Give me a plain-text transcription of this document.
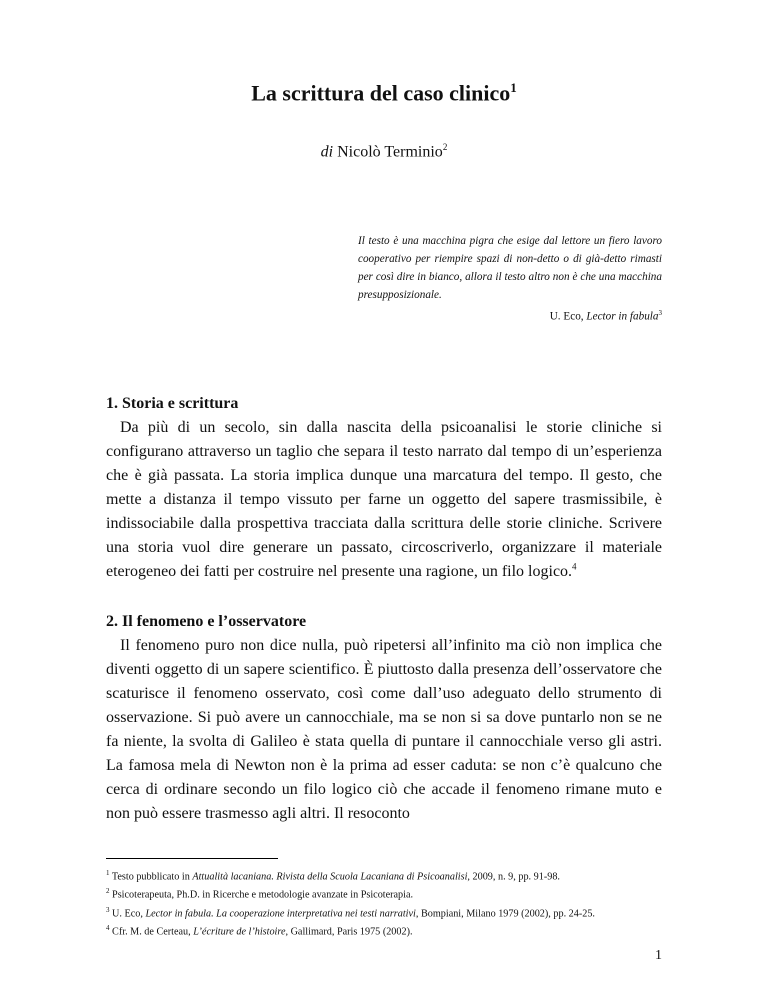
La scrittura del caso clinico$^1$
di Nicolò Terminio$^2$
Il testo è una macchina pigra che esige dal lettore un fiero lavoro cooperativo per riempire spazi di non-detto o di già-detto rimasti per così dire in bianco, allora il testo altro non è che una macchina presupposizionale.
U. Eco, Lector in fabula$^3$
1. Storia e scrittura

Da più di un secolo, sin dalla nascita della psicoanalisi le storie cliniche si configurano attraverso un taglio che separa il testo narrato dal tempo di un’esperienza che è già passata. La storia implica dunque una marcatura del tempo. Il gesto, che mette a distanza il tempo vissuto per farne un oggetto del sapere trasmissibile, è indissociabile dalla prospettiva tracciata dalla scrittura delle storie cliniche. Scrivere una storia vuol dire generare un passato, circoscriverlo, organizzare il materiale eterogeneo dei fatti per costruire nel presente una ragione, un filo logico.$^4$

2. Il fenomeno e l’osservatore

Il fenomeno puro non dice nulla, può ripetersi all’infinito ma ciò non implica che diventi oggetto di un sapere scientifico. È piuttosto dalla presenza dell’osservatore che scaturisce il fenomeno osservato, così come dall’uso adeguato dello strumento di osservazione. Si può avere un cannocchiale, ma se non si sa dove puntarlo non se ne fa niente, la svolta di Galileo è stata quella di puntare il cannocchiale verso gli astri. La famosa mela di Newton non è la prima ad esser caduta: se non c’è qualcuno che cerca di ordinare secondo un filo logico ciò che accade il fenomeno rimane muto e non può essere trasmesso agli altri. Il resoconto

$^1$ Testo pubblicato in Attualità lacaniana. Rivista della Scuola Lacaniana di Psicoanalisi, 2009, n. 9, pp. 91-98.
$^2$ Psicoterapeuta, Ph.D. in Ricerche e metodologie avanzate in Psicoterapia.
$^3$ U. Eco, Lector in fabula. La cooperazione interpretativa nei testi narrativi, Bompiani, Milano 1979 (2002), pp. 24-25.
$^4$ Cfr. M. de Certeau, L’écriture de l’histoire, Gallimard, Paris 1975 (2002).
1
